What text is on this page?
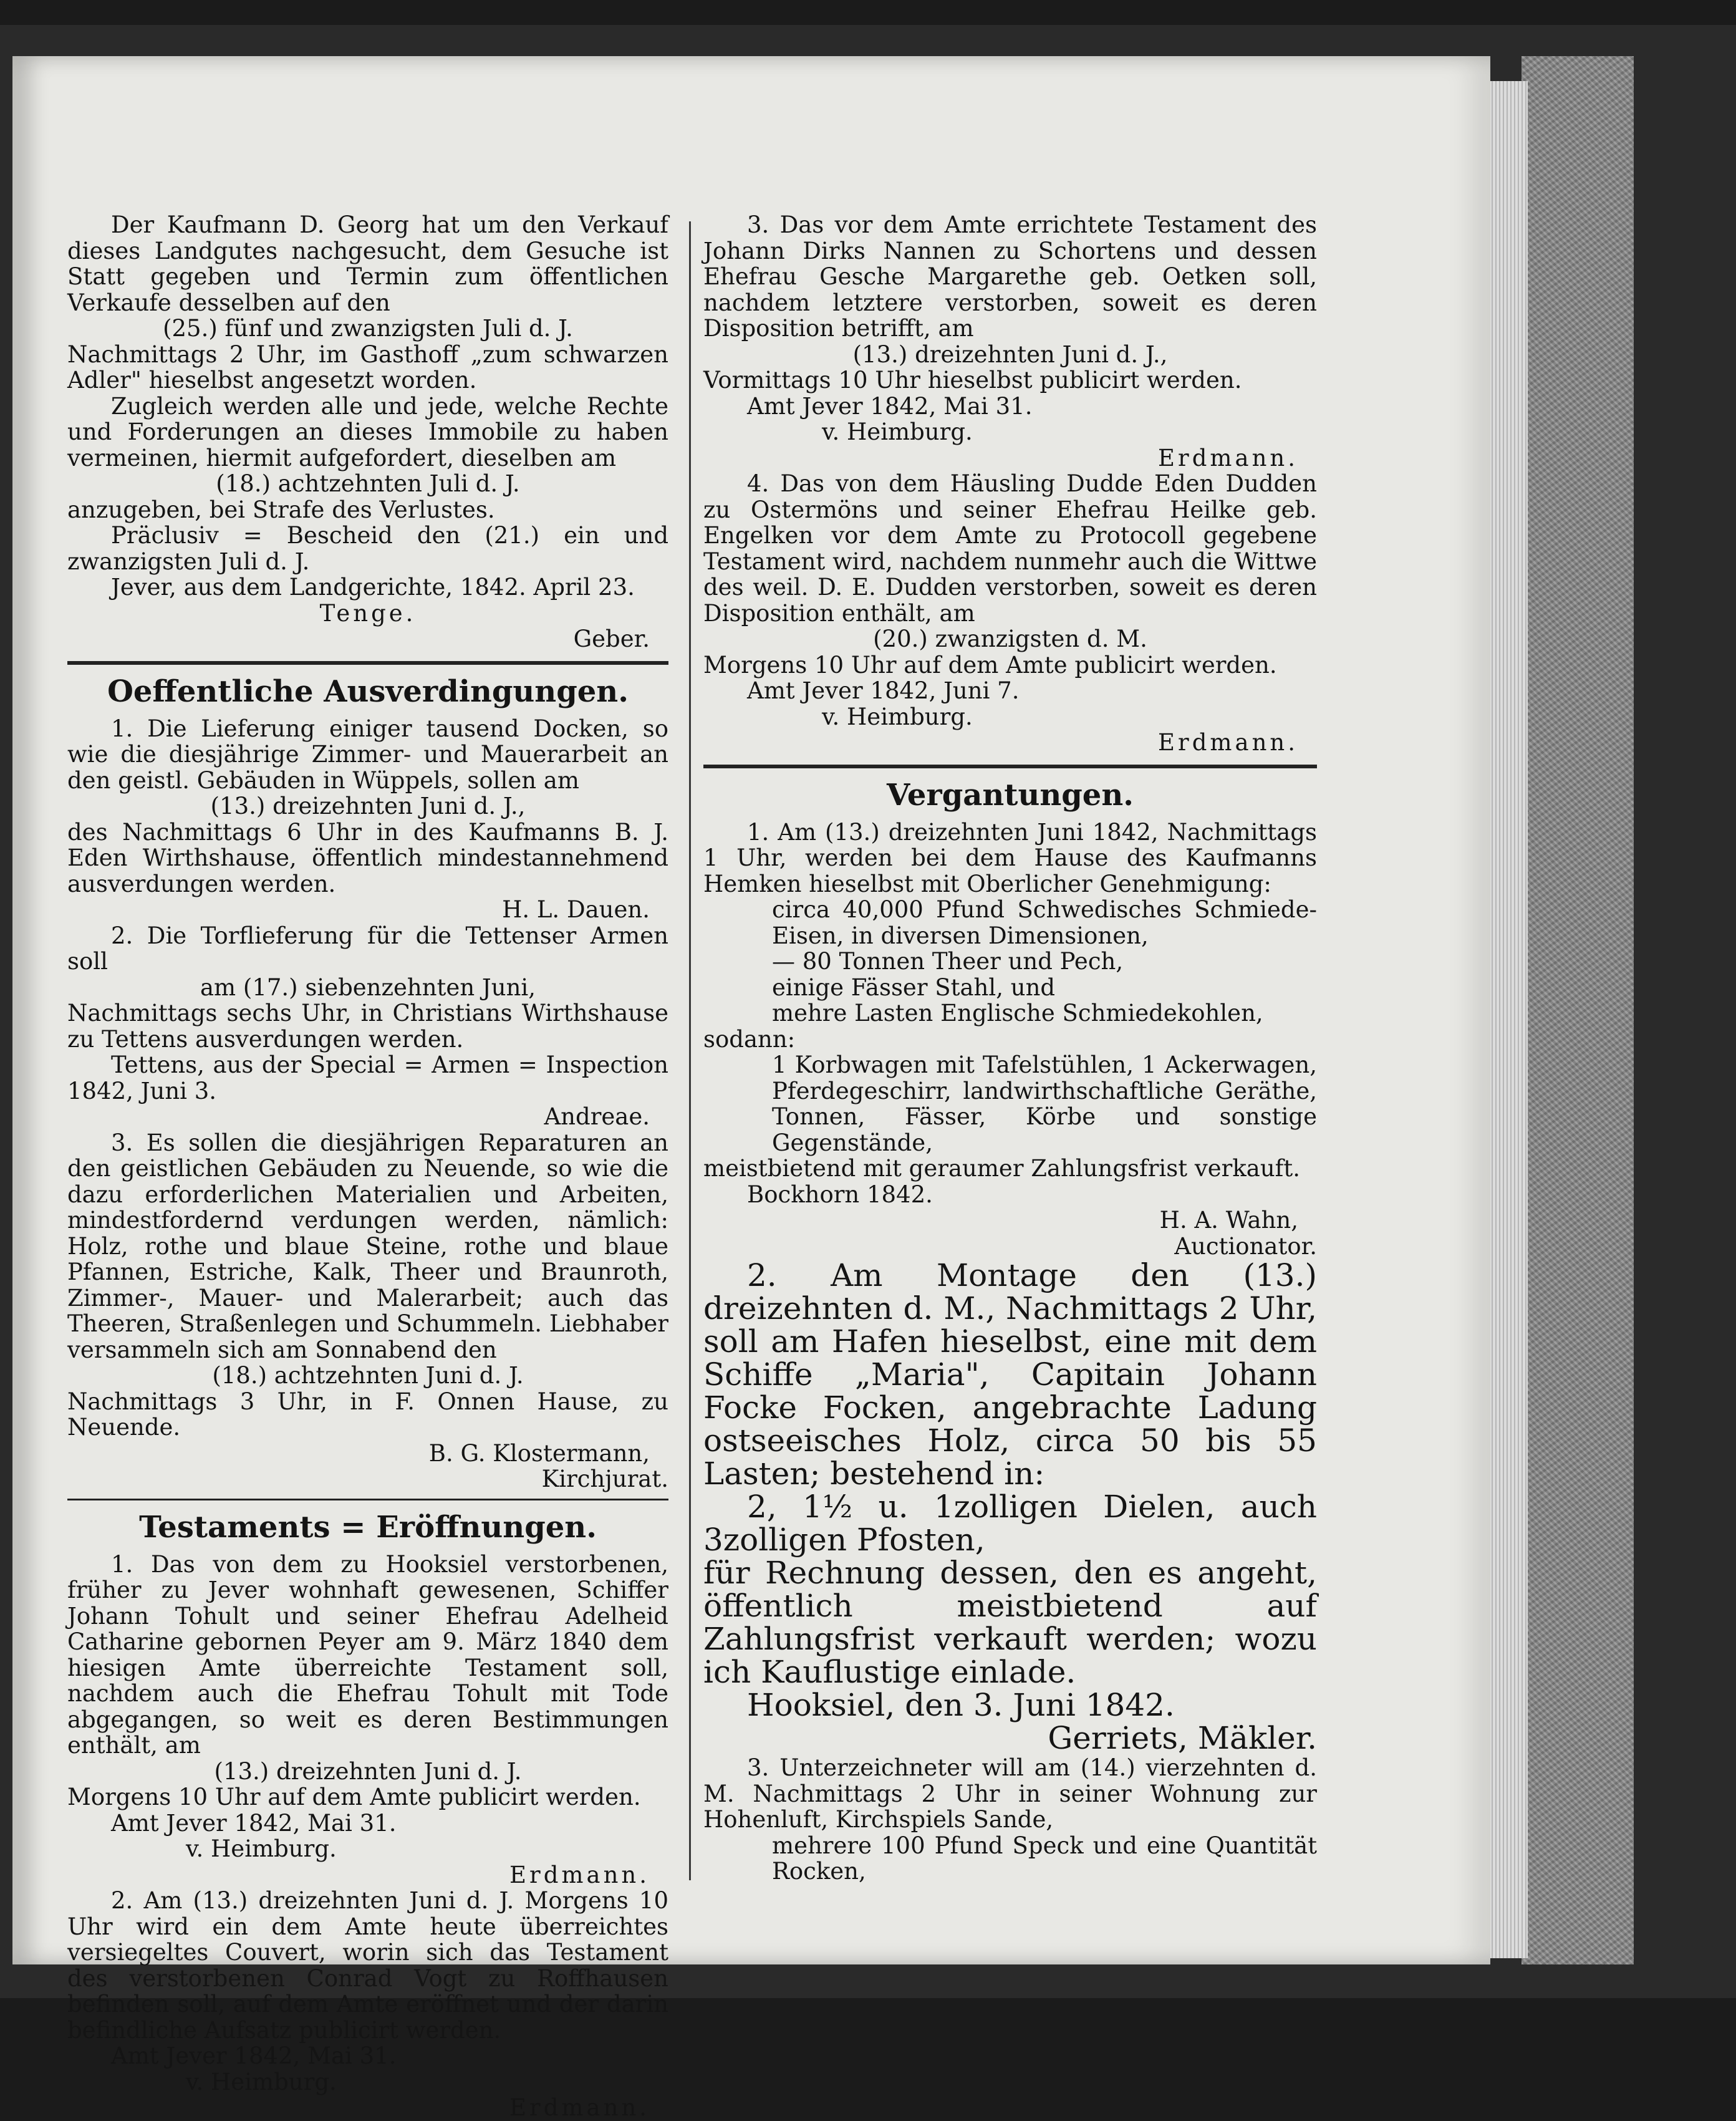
Der Kaufmann D. Georg hat um den Verkauf dieses Landgutes nachgesucht, dem Gesuche ist Statt gegeben und Termin zum öffentlichen Verkaufe desselben auf den

(25.) fünf und zwanzigsten Juli d. J.

Nachmittags 2 Uhr, im Gasthoff „zum schwarzen Adler" hieselbst angesetzt worden.

Zugleich werden alle und jede, welche Rechte und Forderungen an dieses Immobile zu haben vermeinen, hiermit aufgefordert, dieselben am

(18.) achtzehnten Juli d. J.

anzugeben, bei Strafe des Verlustes.

Präclusiv = Bescheid den (21.) ein und zwanzigsten Juli d. J.

Jever, aus dem Landgerichte, 1842. April 23.

Tenge.

Geber.

Oeffentliche Ausverdingungen.

1. Die Lieferung einiger tausend Docken, so wie die diesjährige Zimmer- und Mauerarbeit an den geistl. Gebäuden in Wüppels, sollen am

(13.) dreizehnten Juni d. J.,

des Nachmittags 6 Uhr in des Kaufmanns B. J. Eden Wirthshause, öffentlich mindestannehmend ausverdungen werden.

H. L. Dauen.

2. Die Torflieferung für die Tettenser Armen soll

am (17.) siebenzehnten Juni,

Nachmittags sechs Uhr, in Christians Wirthshause zu Tettens ausverdungen werden.

Tettens, aus der Special = Armen = Inspection 1842, Juni 3.

Andreae.

3. Es sollen die diesjährigen Reparaturen an den geistlichen Gebäuden zu Neuende, so wie die dazu erforderlichen Materialien und Arbeiten, mindestfordernd verdungen werden, nämlich: Holz, rothe und blaue Steine, rothe und blaue Pfannen, Estriche, Kalk, Theer und Braunroth, Zimmer-, Mauer- und Malerarbeit; auch das Theeren, Straßenlegen und Schummeln. Liebhaber versammeln sich am Sonnabend den

(18.) achtzehnten Juni d. J.

Nachmittags 3 Uhr, in F. Onnen Hause, zu Neuende.

B. G. Klostermann,

Kirchjurat.

Testaments = Eröffnungen.

1. Das von dem zu Hooksiel verstorbenen, früher zu Jever wohnhaft gewesenen, Schiffer Johann Tohult und seiner Ehefrau Adelheid Catharine gebornen Peyer am 9. März 1840 dem hiesigen Amte überreichte Testament soll, nachdem auch die Ehefrau Tohult mit Tode abgegangen, so weit es deren Bestimmungen enthält, am

(13.) dreizehnten Juni d. J.

Morgens 10 Uhr auf dem Amte publicirt werden.

Amt Jever 1842, Mai 31.

v. Heimburg.

Erdmann.

2. Am (13.) dreizehnten Juni d. J. Morgens 10 Uhr wird ein dem Amte heute überreichtes versiegeltes Couvert, worin sich das Testament des verstorbenen Conrad Vogt zu Roffhausen befinden soll, auf dem Amte eröffnet und der darin befindliche Aufsatz publicirt werden.

Amt Jever 1842, Mai 31.

v. Heimburg.

Erdmann.

3. Das vor dem Amte errichtete Testament des Johann Dirks Nannen zu Schortens und dessen Ehefrau Gesche Margarethe geb. Oetken soll, nachdem letztere verstorben, soweit es deren Disposition betrifft, am

(13.) dreizehnten Juni d. J.,

Vormittags 10 Uhr hieselbst publicirt werden.

Amt Jever 1842, Mai 31.

v. Heimburg.

Erdmann.

4. Das von dem Häusling Dudde Eden Dudden zu Ostermöns und seiner Ehefrau Heilke geb. Engelken vor dem Amte zu Protocoll gegebene Testament wird, nachdem nunmehr auch die Wittwe des weil. D. E. Dudden verstorben, soweit es deren Disposition enthält, am

(20.) zwanzigsten d. M.

Morgens 10 Uhr auf dem Amte publicirt werden.

Amt Jever 1842, Juni 7.

v. Heimburg.

Erdmann.

Vergantungen.

1. Am (13.) dreizehnten Juni 1842, Nachmittags 1 Uhr, werden bei dem Hause des Kaufmanns Hemken hieselbst mit Oberlicher Genehmigung:

circa 40,000 Pfund Schwedisches Schmiede-Eisen, in diversen Dimensionen,

— 80 Tonnen Theer und Pech,

einige Fässer Stahl, und

mehre Lasten Englische Schmiedekohlen,

sodann:

1 Korbwagen mit Tafelstühlen, 1 Ackerwagen, Pferdegeschirr, landwirthschaftliche Geräthe, Tonnen, Fässer, Körbe und sonstige Gegenstände,

meistbietend mit geraumer Zahlungsfrist verkauft.

Bockhorn 1842.

H. A. Wahn,

Auctionator.

2. Am Montage den (13.) dreizehnten d. M., Nachmittags 2 Uhr, soll am Hafen hieselbst, eine mit dem Schiffe „Maria", Capitain Johann Focke Focken, angebrachte Ladung ostseeisches Holz, circa 50 bis 55 Lasten; bestehend in:

2, 1½ u. 1zolligen Dielen, auch 3zolligen Pfosten,

für Rechnung dessen, den es angeht, öffentlich meistbietend auf Zahlungsfrist verkauft werden; wozu ich Kauflustige einlade.

Hooksiel, den 3. Juni 1842.

Gerriets, Mäkler.

3. Unterzeichneter will am (14.) vierzehnten d. M. Nachmittags 2 Uhr in seiner Wohnung zur Hohenluft, Kirchspiels Sande,

mehrere 100 Pfund Speck und eine Quantität Rocken,
